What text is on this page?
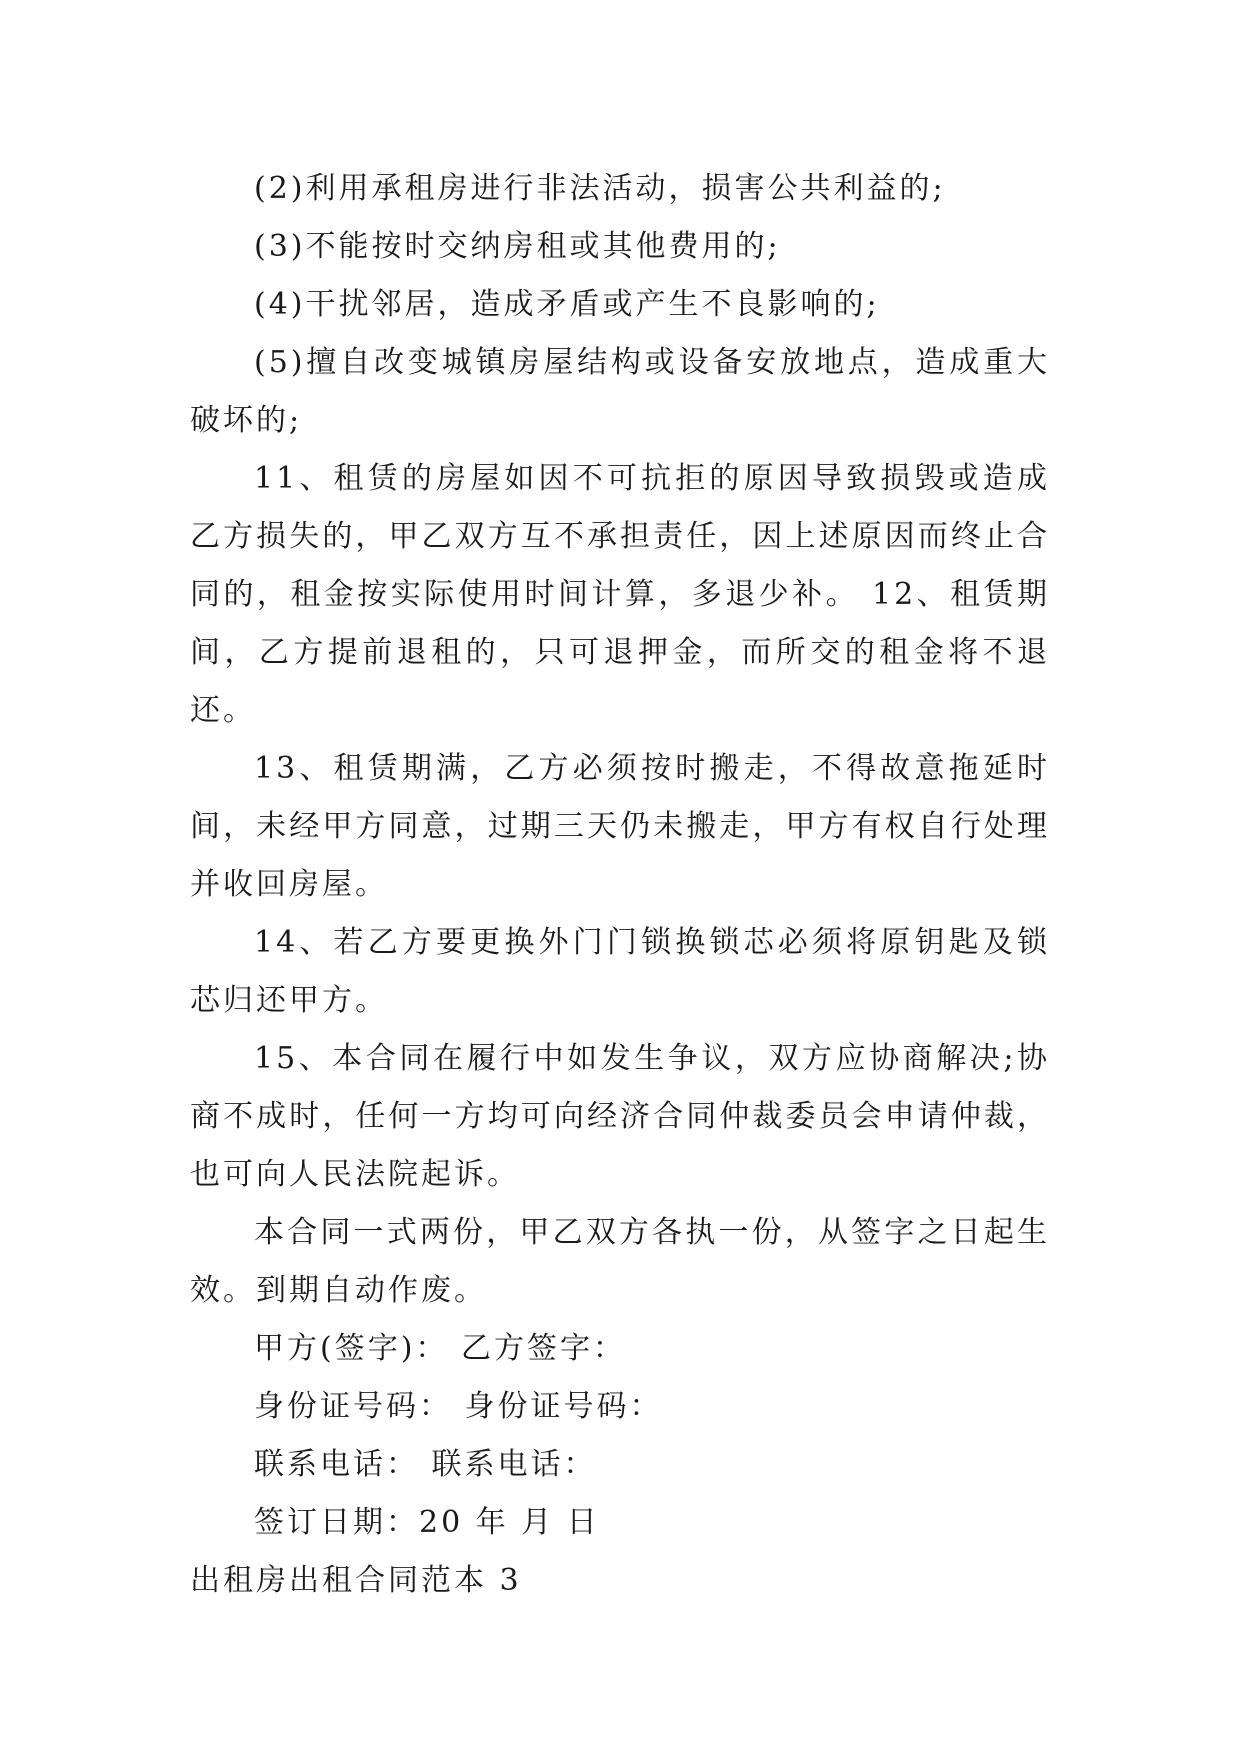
(2)利用承租房进行非法活动，损害公共利益的;

(3)不能按时交纳房租或其他费用的;

(4)干扰邻居，造成矛盾或产生不良影响的;

(5)擅自改变城镇房屋结构或设备安放地点，造成重大破坏的;

11、租赁的房屋如因不可抗拒的原因导致损毁或造成乙方损失的，甲乙双方互不承担责任，因上述原因而终止合同的，租金按实际使用时间计算，多退少补。 12、租赁期间，乙方提前退租的，只可退押金，而所交的租金将不退还。

13、租赁期满，乙方必须按时搬走，不得故意拖延时间，未经甲方同意，过期三天仍未搬走，甲方有权自行处理并收回房屋。

14、若乙方要更换外门门锁换锁芯必须将原钥匙及锁芯归还甲方。

15、本合同在履行中如发生争议，双方应协商解决;协商不成时，任何一方均可向经济合同仲裁委员会申请仲裁，也可向人民法院起诉。

本合同一式两份，甲乙双方各执一份，从签字之日起生效。到期自动作废。

甲方(签字)： 乙方签字：

身份证号码： 身份证号码：

联系电话： 联系电话：

签订日期：20 年 月 日

出租房出租合同范本 3
